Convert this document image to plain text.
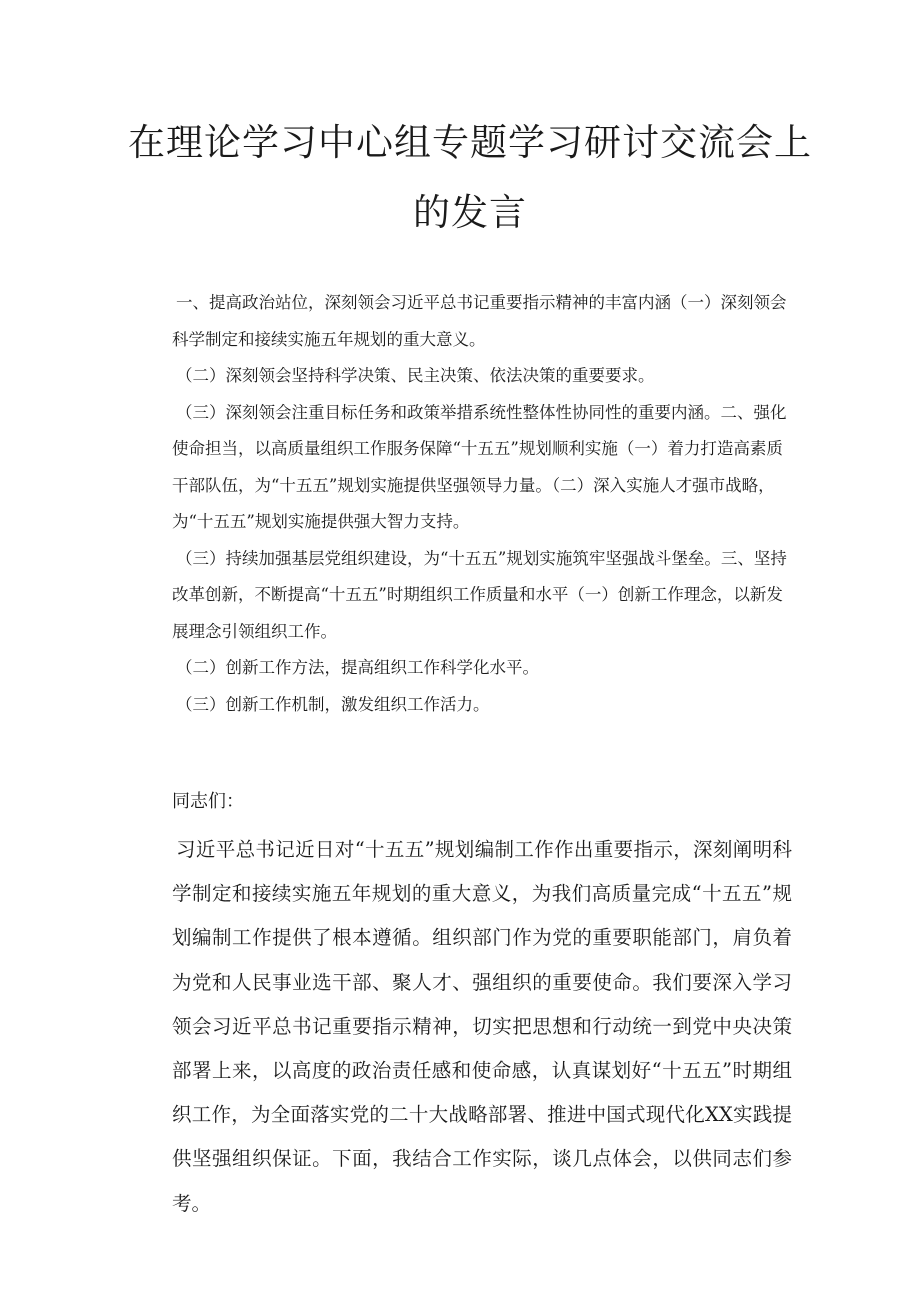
在理论学习中心组专题学习研讨交流会上
的发言

一、提高政治站位，深刻领会习近平总书记重要指示精神的丰富内涵（一）深刻领会科学制定和接续实施五年规划的重大意义。

（二）深刻领会坚持科学决策、民主决策、依法决策的重要要求。

（三）深刻领会注重目标任务和政策举措系统性整体性协同性的重要内涵。二、强化使命担当，以高质量组织工作服务保障“十五五”规划顺利实施（一）着力打造高素质干部队伍，为“十五五”规划实施提供坚强领导力量。（二）深入实施人才强市战略，为“十五五”规划实施提供强大智力支持。

（三）持续加强基层党组织建设，为“十五五”规划实施筑牢坚强战斗堡垒。三、坚持改革创新，不断提高“十五五”时期组织工作质量和水平（一）创新工作理念，以新发展理念引领组织工作。

（二）创新工作方法，提高组织工作科学化水平。

（三）创新工作机制，激发组织工作活力。

同志们：

习近平总书记近日对“十五五”规划编制工作作出重要指示，深刻阐明科学制定和接续实施五年规划的重大意义，为我们高质量完成“十五五”规划编制工作提供了根本遵循。组织部门作为党的重要职能部门，肩负着为党和人民事业选干部、聚人才、强组织的重要使命。我们要深入学习领会习近平总书记重要指示精神，切实把思想和行动统一到党中央决策部署上来，以高度的政治责任感和使命感，认真谋划好“十五五”时期组织工作，为全面落实党的二十大战略部署、推进中国式现代化XX实践提供坚强组织保证。下面，我结合工作实际，谈几点体会，以供同志们参考。
